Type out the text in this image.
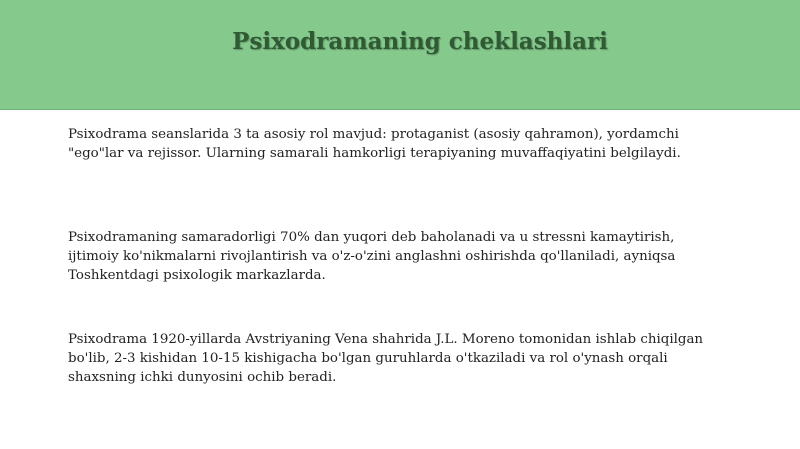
Psixodramaning cheklashlari

Psixodrama seanslarida 3 ta asosiy rol mavjud: protaganist (asosiy qahramon), yordamchi
"ego"lar va rejissor. Ularning samarali hamkorligi terapiyaning muvaffaqiyatini belgilaydi.

Psixodramaning samaradorligi 70% dan yuqori deb baholanadi va u stressni kamaytirish,
ijtimoiy ko'nikmalarni rivojlantirish va o'z-o'zini anglashni oshirishda qo'llaniladi, ayniqsa
Toshkentdagi psixologik markazlarda.

Psixodrama 1920-yillarda Avstriyaning Vena shahrida J.L. Moreno tomonidan ishlab chiqilgan
bo'lib, 2-3 kishidan 10-15 kishigacha bo'lgan guruhlarda o'tkaziladi va rol o'ynash orqali
shaxsning ichki dunyosini ochib beradi.
